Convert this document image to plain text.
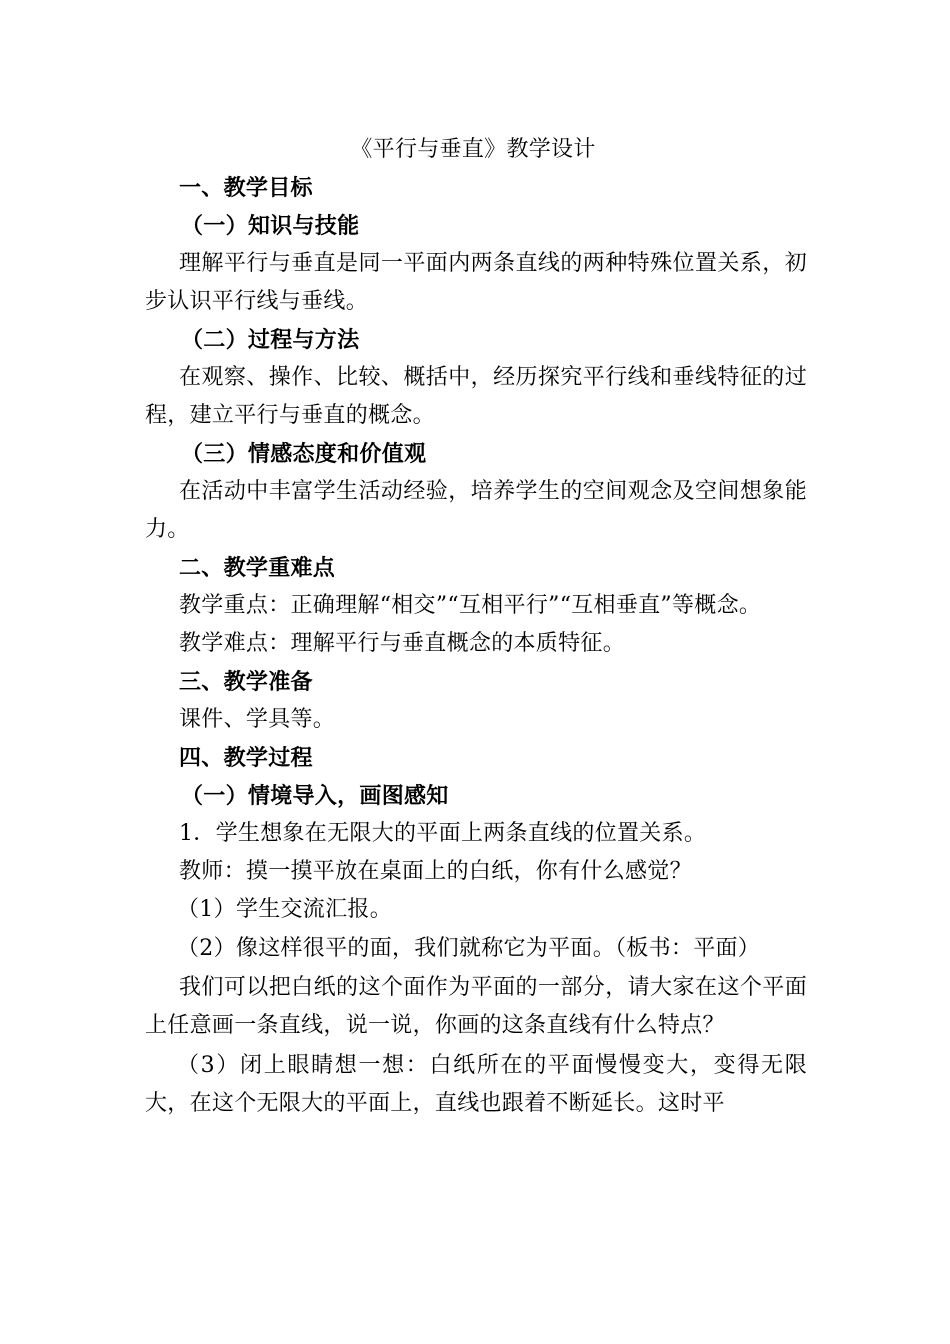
《平行与垂直》教学设计
一、教学目标
（一）知识与技能
理解平行与垂直是同一平面内两条直线的两种特殊位置关系，初步认识平行线与垂线。
（二）过程与方法
在观察、操作、比较、概括中，经历探究平行线和垂线特征的过程，建立平行与垂直的概念。
（三）情感态度和价值观
在活动中丰富学生活动经验，培养学生的空间观念及空间想象能力。
二、教学重难点
教学重点：正确理解“相交”“互相平行”“互相垂直”等概念。
教学难点：理解平行与垂直概念的本质特征。
三、教学准备
课件、学具等。
四、教学过程
（一）情境导入，画图感知
1．学生想象在无限大的平面上两条直线的位置关系。
教师：摸一摸平放在桌面上的白纸，你有什么感觉？
（1）学生交流汇报。
（2）像这样很平的面，我们就称它为平面。（板书：平面）
我们可以把白纸的这个面作为平面的一部分，请大家在这个平面上任意画一条直线，说一说，你画的这条直线有什么特点？
（3）闭上眼睛想一想：白纸所在的平面慢慢变大，变得无限大，在这个无限大的平面上，直线也跟着不断延长。这时平
